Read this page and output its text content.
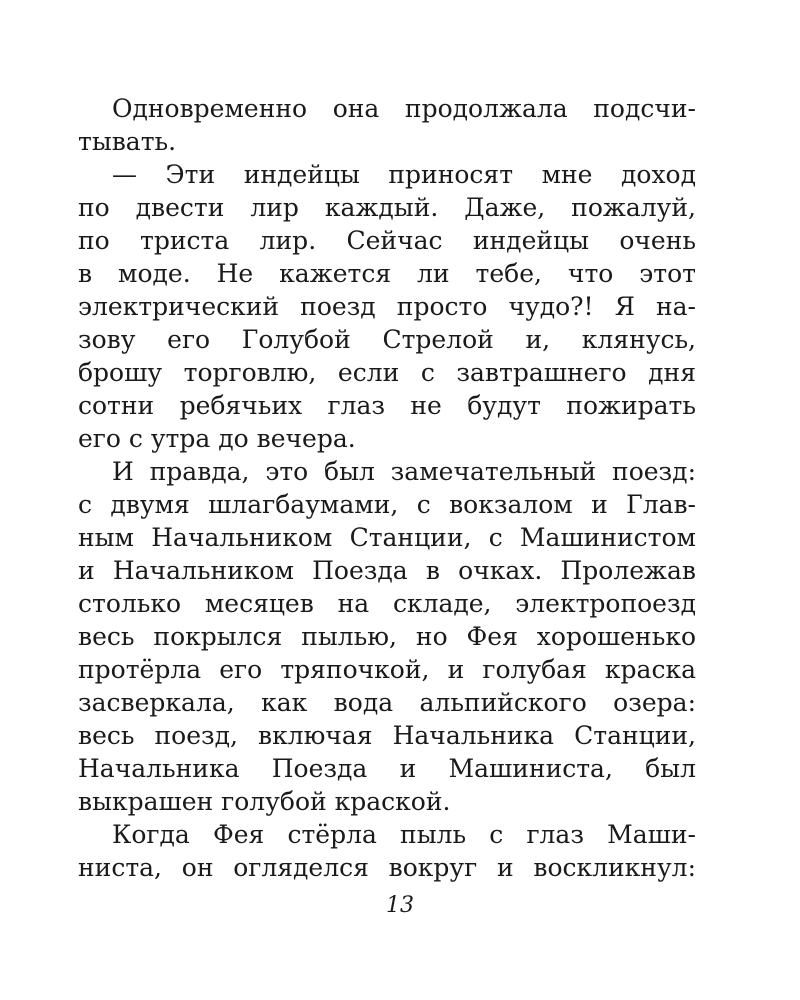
Одновременно она продолжала подсчи-
тывать.
— Эти индейцы приносят мне доход
по двести лир каждый. Даже, пожалуй,
по триста лир. Сейчас индейцы очень
в моде. Не кажется ли тебе, что этот
электрический поезд просто чудо?! Я на-
зову его Голубой Стрелой и, клянусь,
брошу торговлю, если с завтрашнего дня
сотни ребячьих глаз не будут пожирать
его с утра до вечера.
И правда, это был замечательный поезд:
с двумя шлагбаумами, с вокзалом и Глав-
ным Начальником Станции, с Машинистом
и Начальником Поезда в очках. Пролежав
столько месяцев на складе, электропоезд
весь покрылся пылью, но Фея хорошенько
протёрла его тряпочкой, и голубая краска
засверкала, как вода альпийского озера:
весь поезд, включая Начальника Станции,
Начальника Поезда и Машиниста, был
выкрашен голубой краской.
Когда Фея стёрла пыль с глаз Маши-
ниста, он огляделся вокруг и воскликнул:
13
